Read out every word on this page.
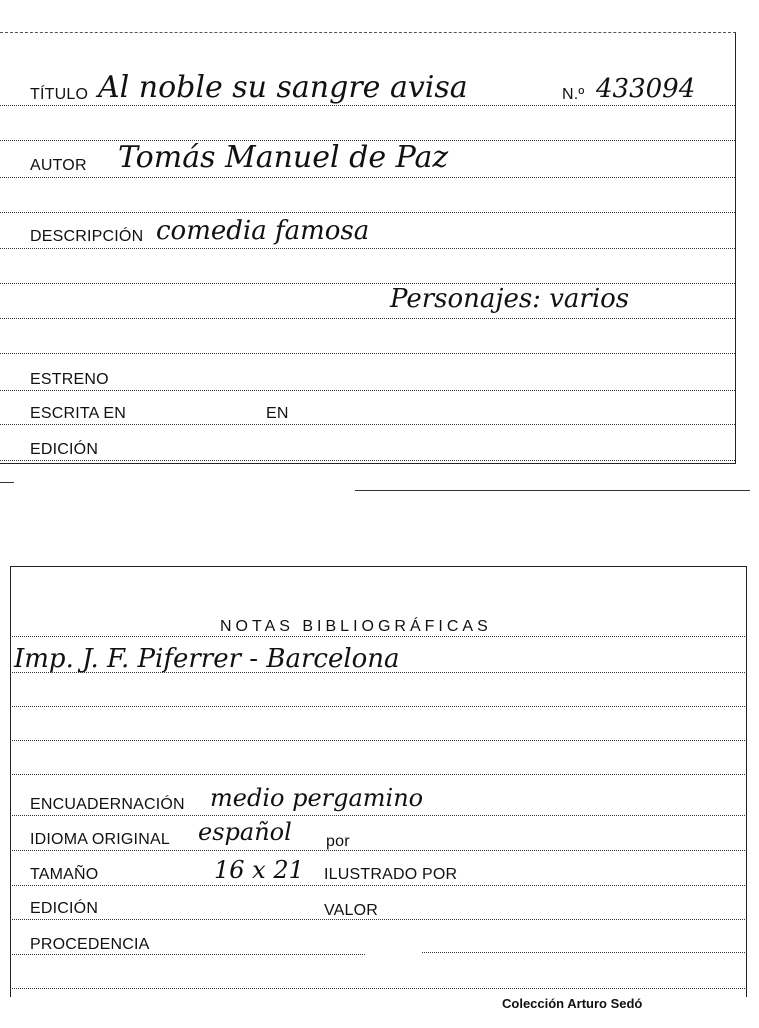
TÍTULO Al noble su sangre avisa	N.º 433094
AUTOR Tomás Manuel de Paz
DESCRIPCIÓN comedia famosa
Personajes: varios
ESTRENO
ESCRITA EN	EN
EDICIÓN
NOTAS BIBLIOGRÁFICAS
Imp. J. F. Piferrer - Barcelona
ENCUADERNACIÓN medio pergamino
IDIOMA ORIGINAL español por
TAMAÑO	16 x 21 ILUSTRADO POR
EDICIÓN	VALOR
PROCEDENCIA
Colección Arturo Sedó
